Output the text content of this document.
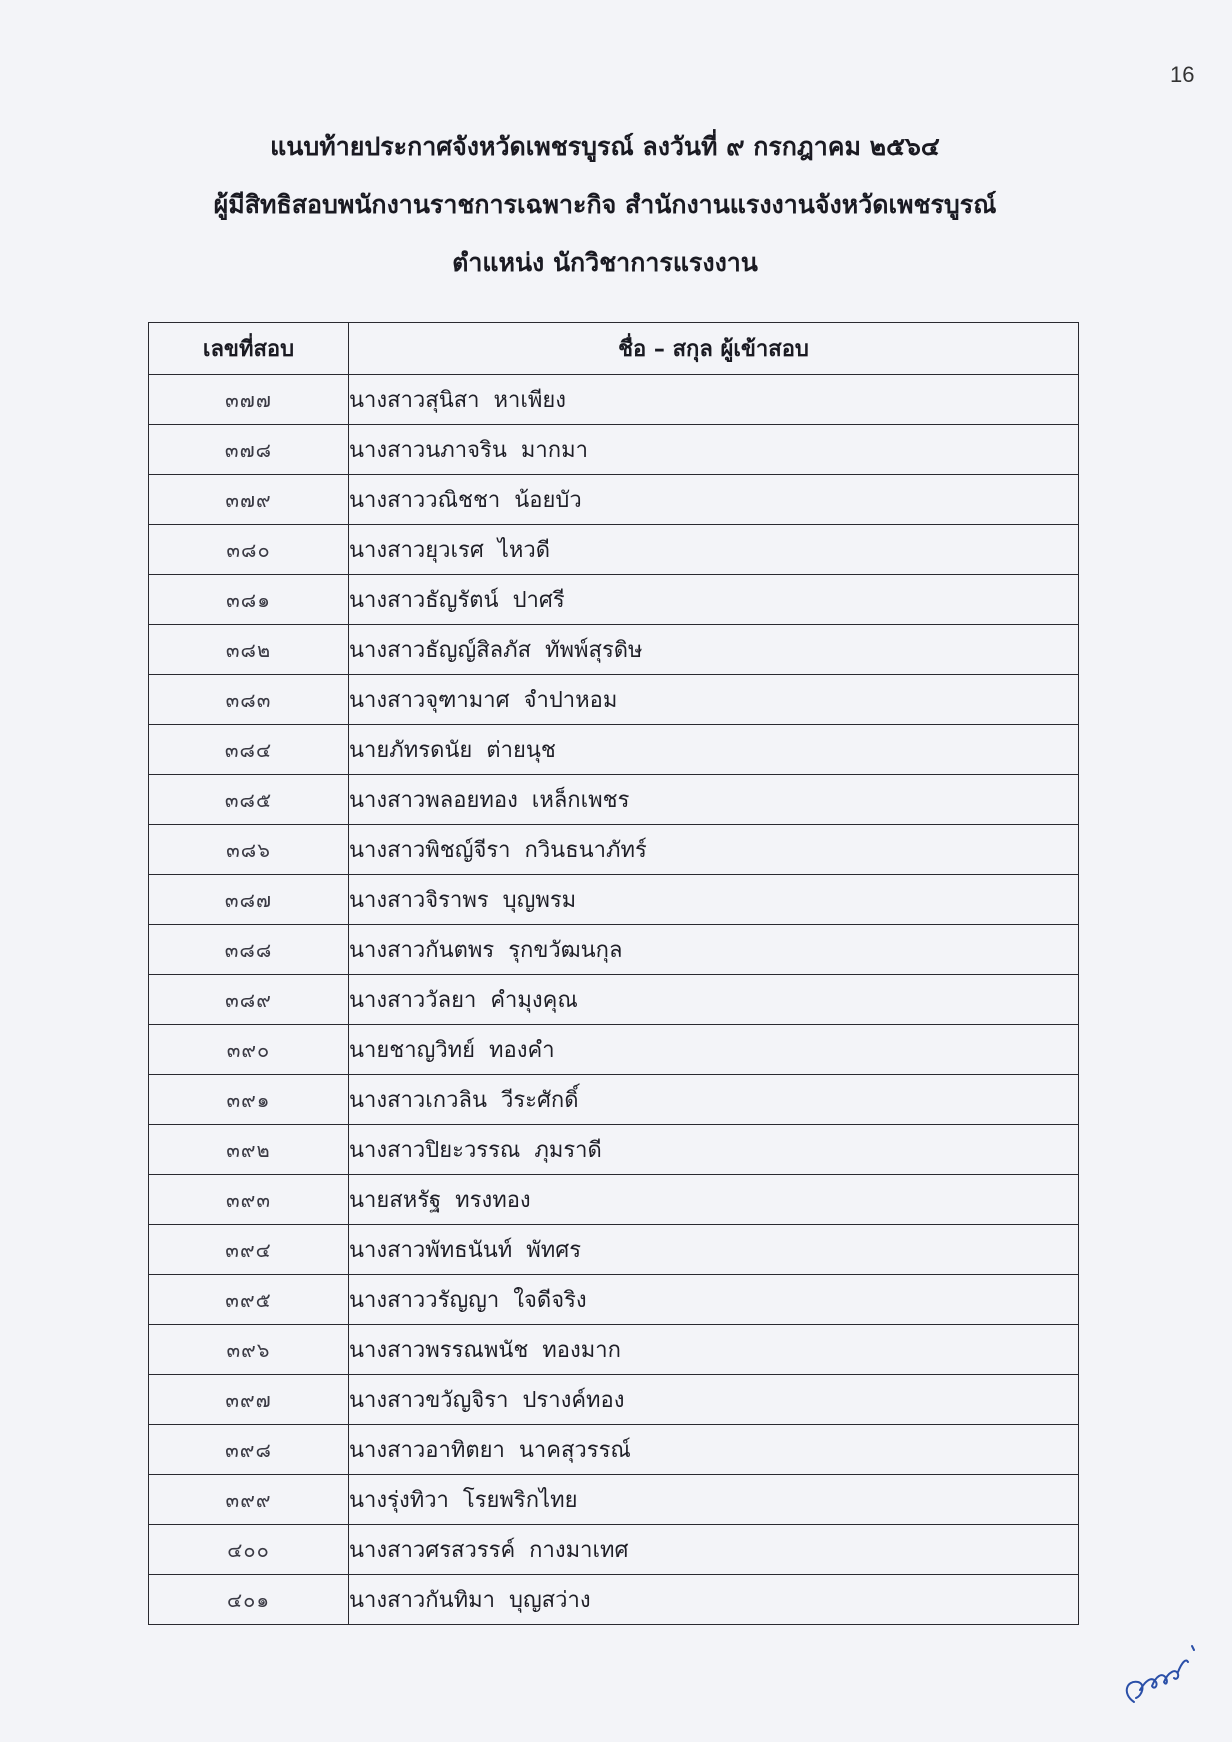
16
แนบท้ายประกาศจังหวัดเพชรบูรณ์ ลงวันที่ ๙ กรกฎาคม ๒๕๖๔
ผู้มีสิทธิสอบพนักงานราชการเฉพาะกิจ สำนักงานแรงงานจังหวัดเพชรบูรณ์
ตำแหน่ง นักวิชาการแรงงาน
เลขที่สอบ	ชื่อ – สกุล ผู้เข้าสอบ
๓๗๗	นางสาวสุนิสา  หาเพียง
๓๗๘	นางสาวนภาจริน  มากมา
๓๗๙	นางสาววณิชชา  น้อยบัว
๓๘๐	นางสาวยุวเรศ  ไหวดี
๓๘๑	นางสาวธัญรัตน์  ปาศรี
๓๘๒	นางสาวธัญญ์สิลภัส  ทัพพ์สุรดิษ
๓๘๓	นางสาวจุฑามาศ  จำปาหอม
๓๘๔	นายภัทรดนัย  ต่ายนุช
๓๘๕	นางสาวพลอยทอง  เหล็กเพชร
๓๘๖	นางสาวพิชญ์จีรา  กวินธนาภัทร์
๓๘๗	นางสาวจิราพร  บุญพรม
๓๘๘	นางสาวกันตพร  รุกขวัฒนกุล
๓๘๙	นางสาววัลยา  คำมุงคุณ
๓๙๐	นายชาญวิทย์  ทองคำ
๓๙๑	นางสาวเกวลิน  วีระศักดิ์
๓๙๒	นางสาวปิยะวรรณ  ภุมราดี
๓๙๓	นายสหรัฐ  ทรงทอง
๓๙๔	นางสาวพัทธนันท์  พัทศร
๓๙๕	นางสาววรัญญา  ใจดีจริง
๓๙๖	นางสาวพรรณพนัช  ทองมาก
๓๙๗	นางสาวขวัญจิรา  ปรางค์ทอง
๓๙๘	นางสาวอาทิตยา  นาคสุวรรณ์
๓๙๙	นางรุ่งทิวา  โรยพริกไทย
๔๐๐	นางสาวศรสวรรค์  กางมาเทศ
๔๐๑	นางสาวกันทิมา  บุญสว่าง
